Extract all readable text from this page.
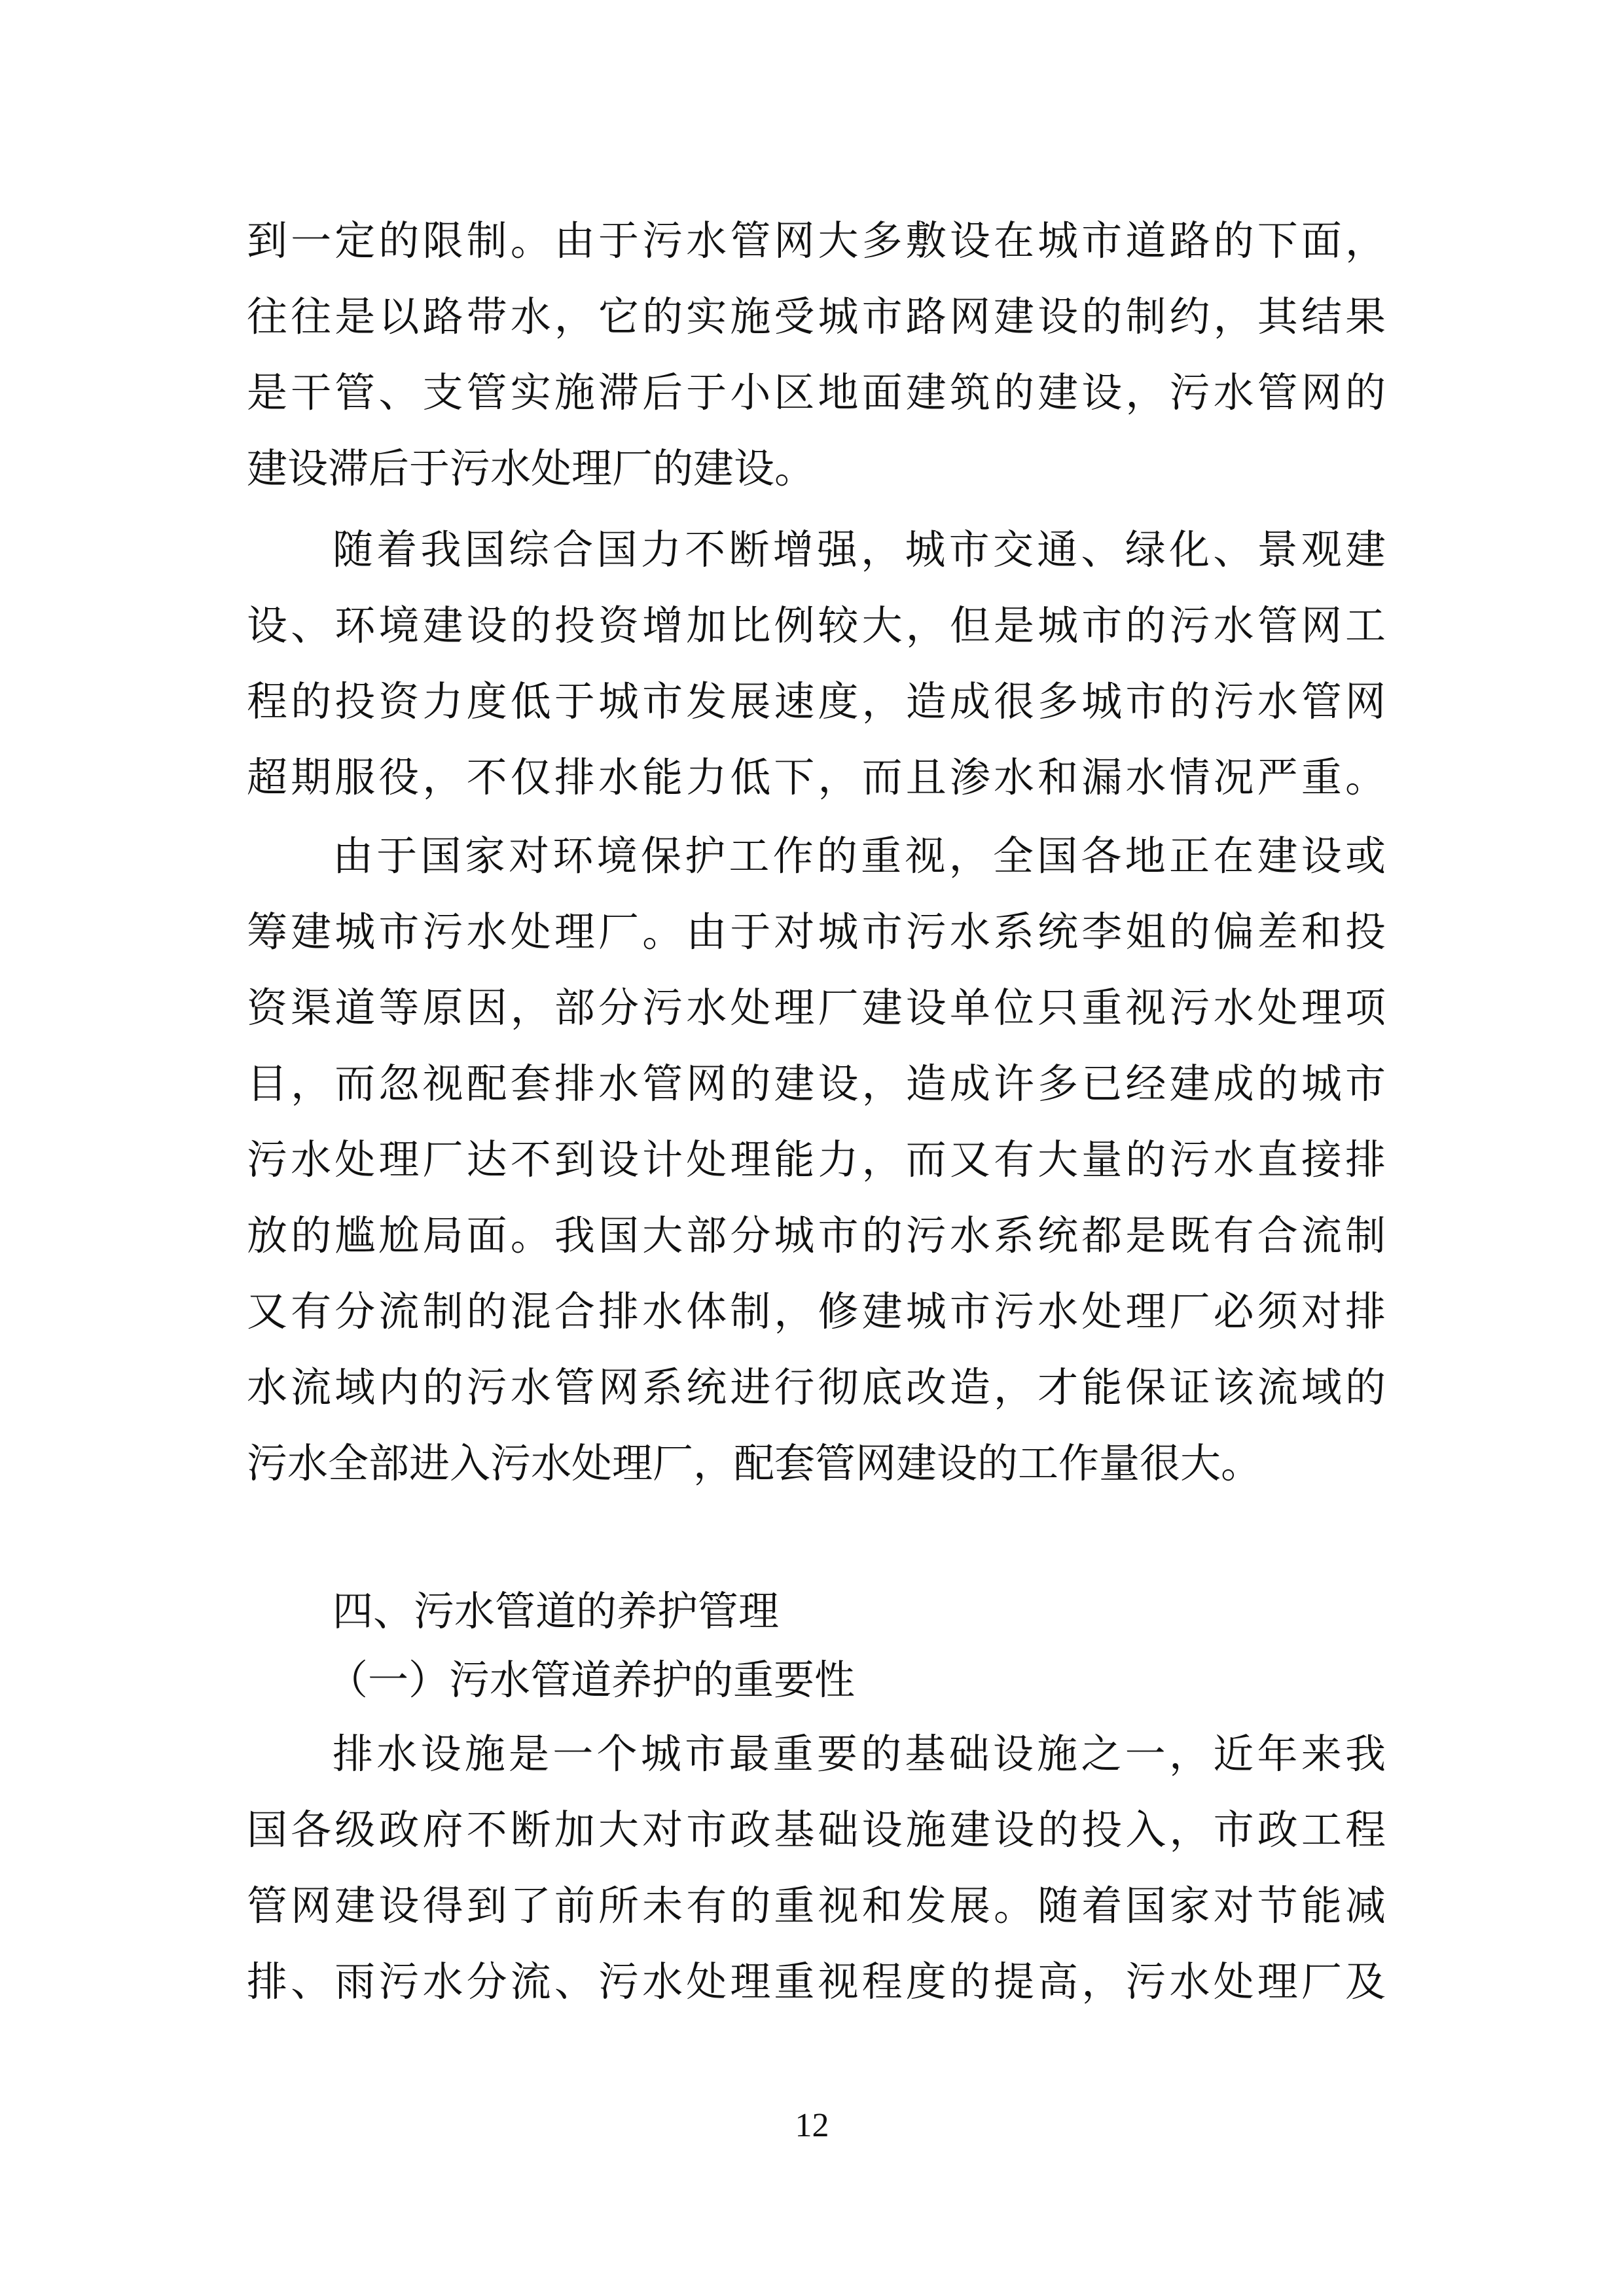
到一定的限制。由于污水管网大多敷设在城市道路的下面，
往往是以路带水，它的实施受城市路网建设的制约，其结果
是干管、支管实施滞后于小区地面建筑的建设，污水管网的
建设滞后于污水处理厂的建设。
随着我国综合国力不断增强，城市交通、绿化、景观建
设、环境建设的投资增加比例较大，但是城市的污水管网工
程的投资力度低于城市发展速度，造成很多城市的污水管网
超期服役，不仅排水能力低下，而且渗水和漏水情况严重。
由于国家对环境保护工作的重视，全国各地正在建设或
筹建城市污水处理厂。由于对城市污水系统李姐的偏差和投
资渠道等原因，部分污水处理厂建设单位只重视污水处理项
目，而忽视配套排水管网的建设，造成许多已经建成的城市
污水处理厂达不到设计处理能力，而又有大量的污水直接排
放的尴尬局面。我国大部分城市的污水系统都是既有合流制
又有分流制的混合排水体制，修建城市污水处理厂必须对排
水流域内的污水管网系统进行彻底改造，才能保证该流域的
污水全部进入污水处理厂，配套管网建设的工作量很大。
四、污水管道的养护管理
（一）污水管道养护的重要性
排水设施是一个城市最重要的基础设施之一，近年来我
国各级政府不断加大对市政基础设施建设的投入，市政工程
管网建设得到了前所未有的重视和发展。随着国家对节能减
排、雨污水分流、污水处理重视程度的提高，污水处理厂及
12
